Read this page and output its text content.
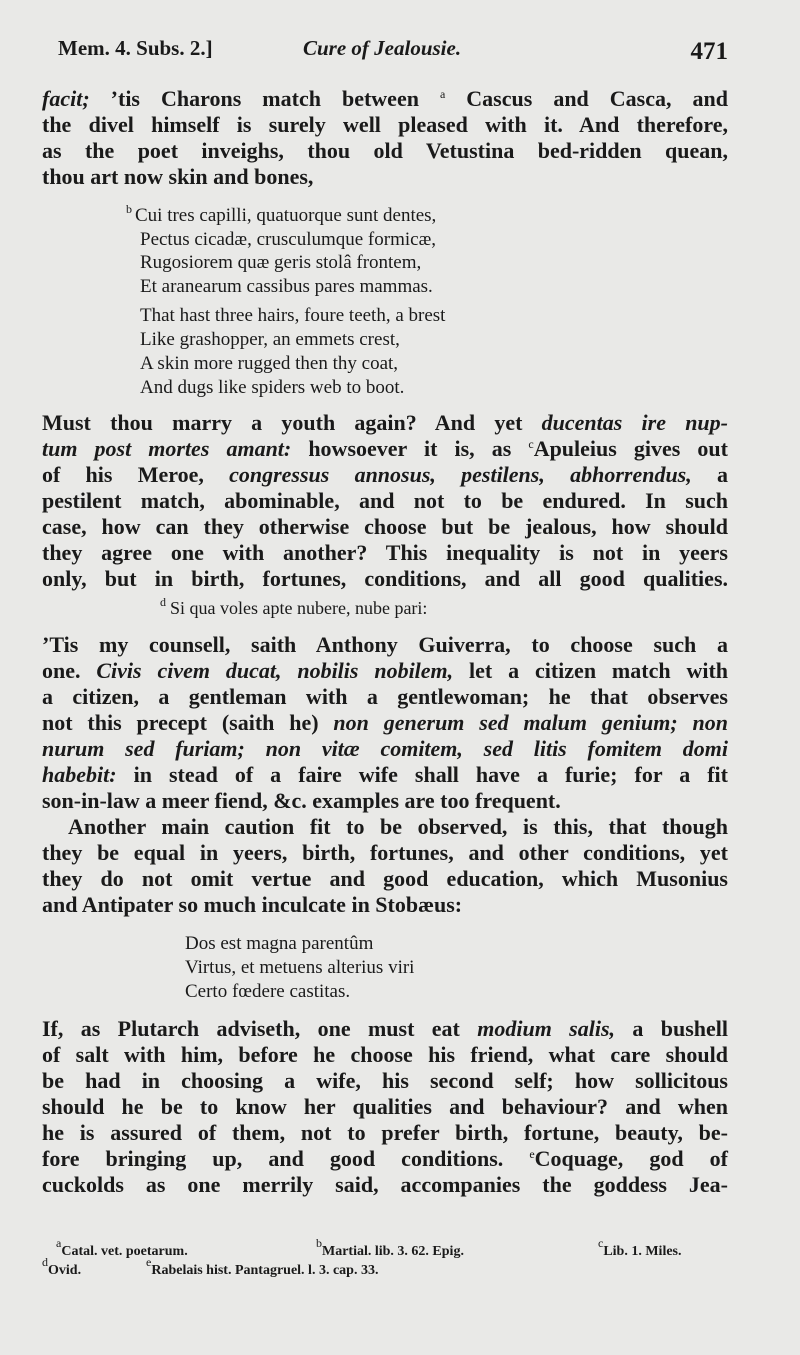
Mem. 4. Subs. 2.]	Cure of Jealousie.	471
facit; ’tis Charons match between $^a$ Cascus and Casca, and
the divel himself is surely well pleased with it. And therefore,
as the poet inveighs, thou old Vetustina bed-ridden quean,
thou art now skin and bones,
$^b$ Cui tres capilli, quatuorque sunt dentes,
Pectus cicadæ, crusculumque formicæ,
Rugosiorem quæ geris stolâ frontem,
Et aranearum cassibus pares mammas.
That hast three hairs, foure teeth, a brest
Like grashopper, an emmets crest,
A skin more rugged then thy coat,
And dugs like spiders web to boot.
Must thou marry a youth again? And yet ducentas ire nup-
tum post mortes amant: howsoever it is, as $^c$Apuleius gives out
of his Meroe, congressus annosus, pestilens, abhorrendus, a
pestilent match, abominable, and not to be endured. In such
case, how can they otherwise choose but be jealous, how should
they agree one with another? This inequality is not in yeers
only, but in birth, fortunes, conditions, and all good qualities.
$^d$ Si qua voles apte nubere, nube pari:
’Tis my counsell, saith Anthony Guiverra, to choose such a
one. Civis civem ducat, nobilis nobilem, let a citizen match with
a citizen, a gentleman with a gentlewoman; he that observes
not this precept (saith he) non generum sed malum genium; non
nurum sed furiam; non vitæ comitem, sed litis fomitem domi
habebit: in stead of a faire wife shall have a furie; for a fit
son-in-law a meer fiend, &c. examples are too frequent.
Another main caution fit to be observed, is this, that though
they be equal in yeers, birth, fortunes, and other conditions, yet
they do not omit vertue and good education, which Musonius
and Antipater so much inculcate in Stobæus:
Dos est magna parentûm
Virtus, et metuens alterius viri
Certo fœdere castitas.
If, as Plutarch adviseth, one must eat modium salis, a bushell
of salt with him, before he choose his friend, what care should
be had in choosing a wife, his second self; how sollicitous
should he be to know her qualities and behaviour? and when
he is assured of them, not to prefer birth, fortune, beauty, be-
fore bringing up, and good conditions. $^e$Coquage, god of
cuckolds as one merrily said, accompanies the goddess Jea-
$^a$Catal. vet. poetarum.
$^b$Martial. lib. 3. 62. Epig.
$^c$Lib. 1. Miles.
$^d$Ovid.
$^e$Rabelais hist. Pantagruel. l. 3. cap. 33.
